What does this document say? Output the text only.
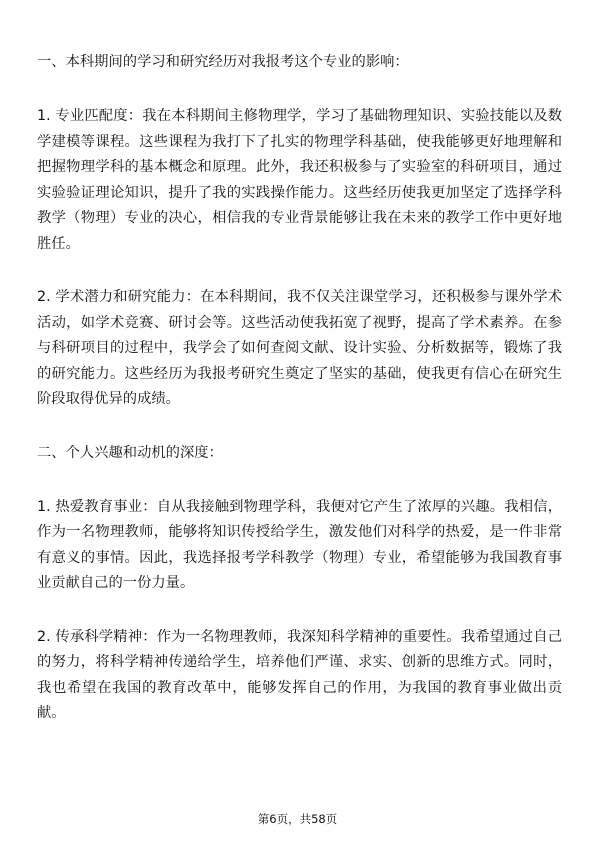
一、本科期间的学习和研究经历对我报考这个专业的影响：

1. 专业匹配度：我在本科期间主修物理学，学习了基础物理知识、实验技能以及数学建模等课程。这些课程为我打下了扎实的物理学科基础，使我能够更好地理解和把握物理学科的基本概念和原理。此外，我还积极参与了实验室的科研项目，通过实验验证理论知识，提升了我的实践操作能力。这些经历使我更加坚定了选择学科教学（物理）专业的决心，相信我的专业背景能够让我在未来的教学工作中更好地胜任。

2. 学术潜力和研究能力：在本科期间，我不仅关注课堂学习，还积极参与课外学术活动，如学术竞赛、研讨会等。这些活动使我拓宽了视野，提高了学术素养。在参与科研项目的过程中，我学会了如何查阅文献、设计实验、分析数据等，锻炼了我的研究能力。这些经历为我报考研究生奠定了坚实的基础，使我更有信心在研究生阶段取得优异的成绩。

二、个人兴趣和动机的深度：

1. 热爱教育事业：自从我接触到物理学科，我便对它产生了浓厚的兴趣。我相信，作为一名物理教师，能够将知识传授给学生，激发他们对科学的热爱，是一件非常有意义的事情。因此，我选择报考学科教学（物理）专业，希望能够为我国教育事业贡献自己的一份力量。

2. 传承科学精神：作为一名物理教师，我深知科学精神的重要性。我希望通过自己的努力，将科学精神传递给学生，培养他们严谨、求实、创新的思维方式。同时，我也希望在我国的教育改革中，能够发挥自己的作用，为我国的教育事业做出贡献。

第6页，共58页
